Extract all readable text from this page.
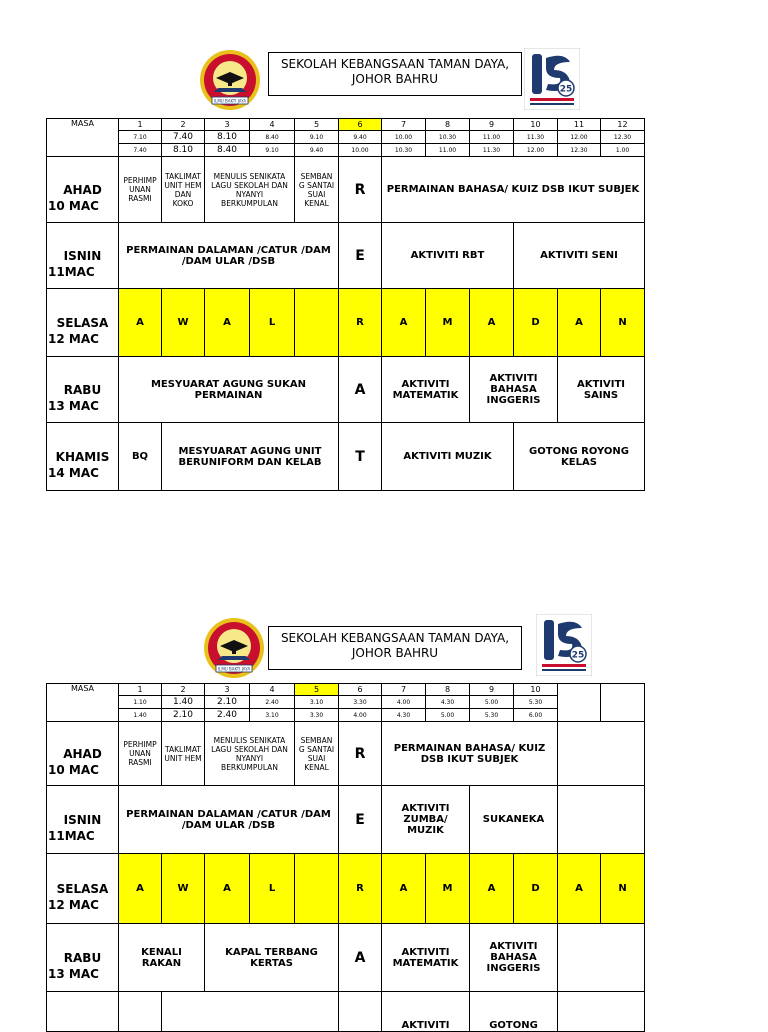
ILMU BAKTI JAYA
SEKOLAH KEBANGSAAN TAMAN DAYA,
JOHOR BAHRU
25
MASA	1	2	3	4	5	6	7	8	9	10	11	12
	7.10	7.40	8.10	8.40	9.10	9.40	10.00	10.30	11.00	11.30	12.00	12.30
	7.40	8.10	8.40	9.10	9.40	10.00	10.30	11.00	11.30	12.00	12.30	1.00

AHAD
10 MAC	PERHIMP UNAN RASMI	TAKLIMAT UNIT HEM DAN KOKO	MENULIS SENIKATA LAGU SEKOLAH DAN NYANYI BERKUMPULAN		SEMBAN G SANTAI SUAI KENAL	R	PERMAINAN BAHASA/ KUIZ DSB IKUT SUBJEK					

ISNIN
11MAC	PERMAINAN DALAMAN /CATUR /DAM /DAM ULAR /DSB					E	AKTIVITI RBT			AKTIVITI SENI		

SELASA
12 MAC	A	W	A	L		R	A	M	A	D	A	N

RABU
13 MAC	MESYUARAT AGUNG SUKAN PERMAINAN					A	AKTIVITI MATEMATIK		AKTIVITI BAHASA INGGERIS		AKTIVITI SAINS	

KHAMIS
14 MAC	BQ	MESYUARAT AGUNG UNIT BERUNIFORM DAN KELAB				T	AKTIVITI MUZIK			GOTONG ROYONG KELAS		
ILMU BAKTI JAYA
SEKOLAH KEBANGSAAN TAMAN DAYA,
JOHOR BAHRU	25
MASA	1	2	3	4	5	6	7	8	9	10		
	1.10	1.40	2.10	2.40	3.10	3.30	4.00	4.30	5.00	5.30		
	1.40	2.10	2.40	3.10	3.30	4.00	4.30	5.00	5.30	6.00		

AHAD
10 MAC	PERHIMP UNAN RASMI	TAKLIMAT UNIT HEM	MENULIS SENIKATA LAGU SEKOLAH DAN NYANYI BERKUMPULAN		SEMBAN G SANTAI SUAI KENAL	R	PERMAINAN BAHASA/ KUIZ DSB IKUT SUBJEK					

ISNIN
11MAC	PERMAINAN DALAMAN /CATUR /DAM /DAM ULAR /DSB					E	AKTIVITI ZUMBA/ MUZIK		SUKANEKA			

SELASA
12 MAC	A	W	A	L		R	A	M	A	D	A	N

RABU
13 MAC	KENALI RAKAN		KAPAL TERBANG KERTAS			A	AKTIVITI MATEMATIK		AKTIVITI BAHASA INGGERIS			
							AKTIVITI		GOTONG			
